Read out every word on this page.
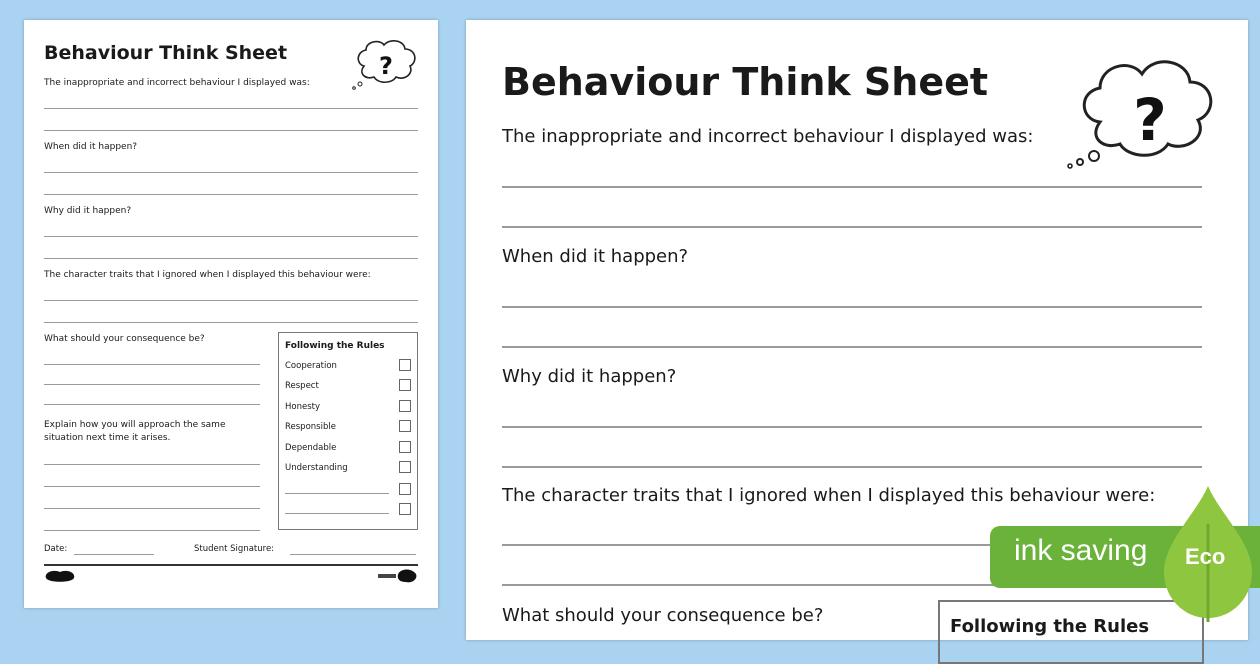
Behaviour Think Sheet	?
The inappropriate and incorrect behaviour I displayed was:
When did it happen?
Why did it happen?
The character traits that I ignored when I displayed this behaviour were:
What should your consequence be?
Explain how you will approach the same
situation next time it arises.
Following the Rules
Cooperation
Respect
Honesty
Responsible
Dependable
Understanding
Date:	Student Signature:
Behaviour Think Sheet
?
The inappropriate and incorrect behaviour I displayed was:
When did it happen?
Why did it happen?
The character traits that I ignored when I displayed this behaviour were:
What should your consequence be?
Following the Rules
ink saving Eco
